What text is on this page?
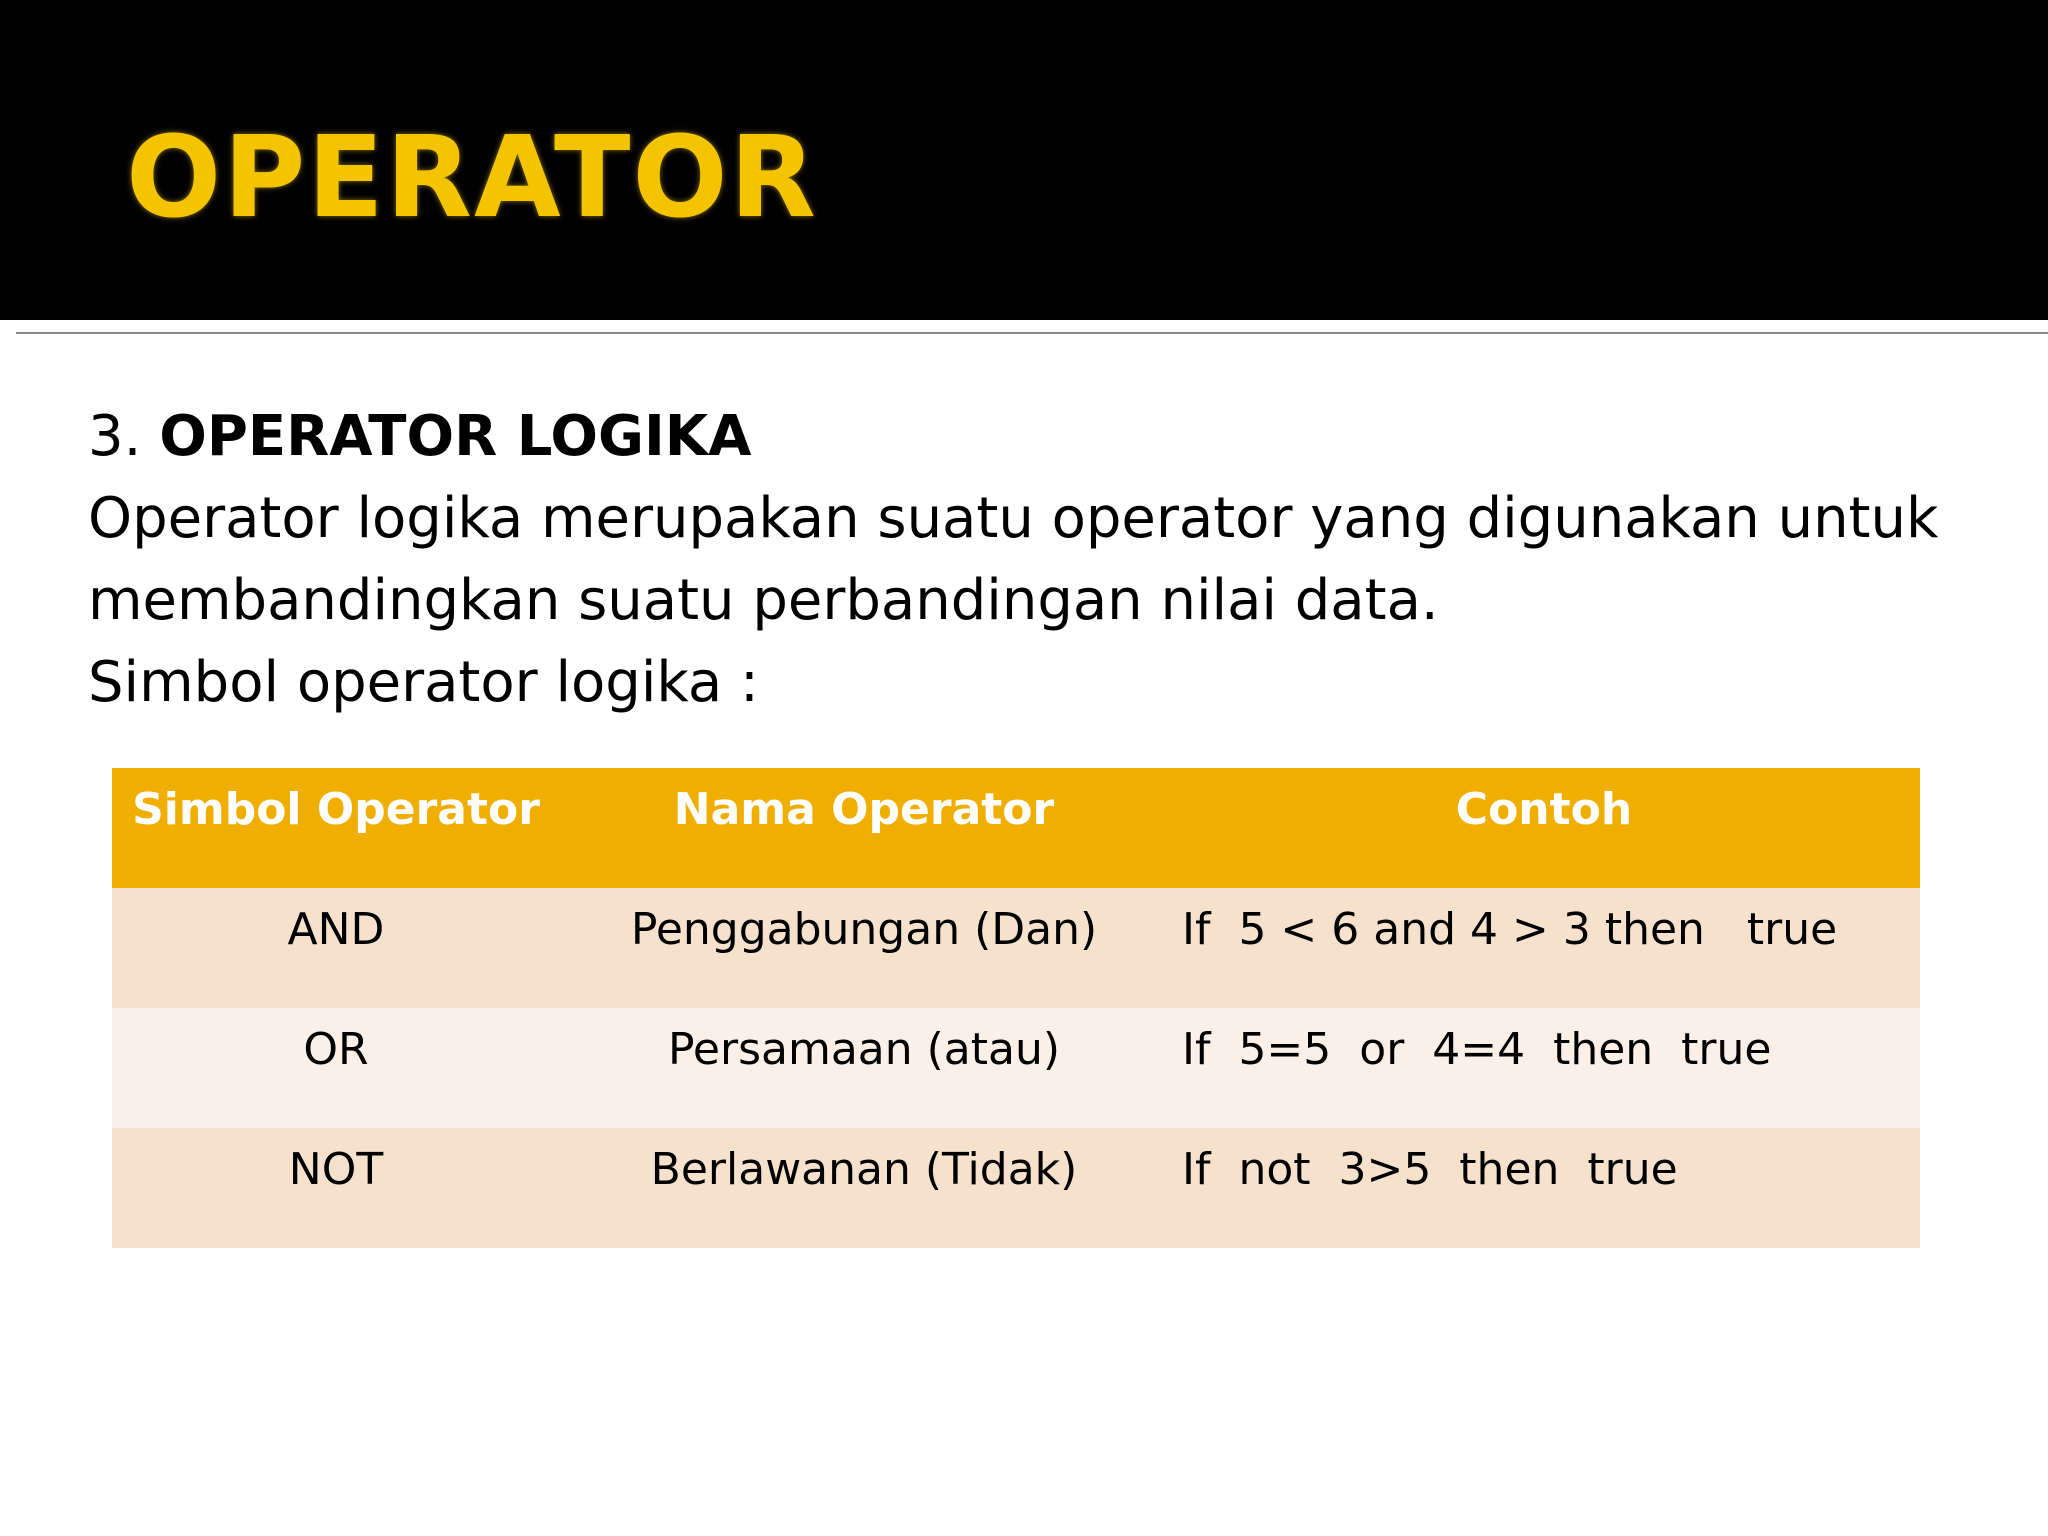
OPERATOR

3. OPERATOR LOGIKA

Operator logika merupakan suatu operator yang digunakan untuk

membandingkan suatu perbandingan nilai data.

Simbol operator logika :

Simbol Operator	Nama Operator	Contoh
AND	Penggabungan (Dan)	If  5 < 6 and 4 > 3 then   true
OR	Persamaan (atau)	If  5=5  or  4=4  then  true
NOT	Berlawanan (Tidak)	If  not  3>5  then  true
